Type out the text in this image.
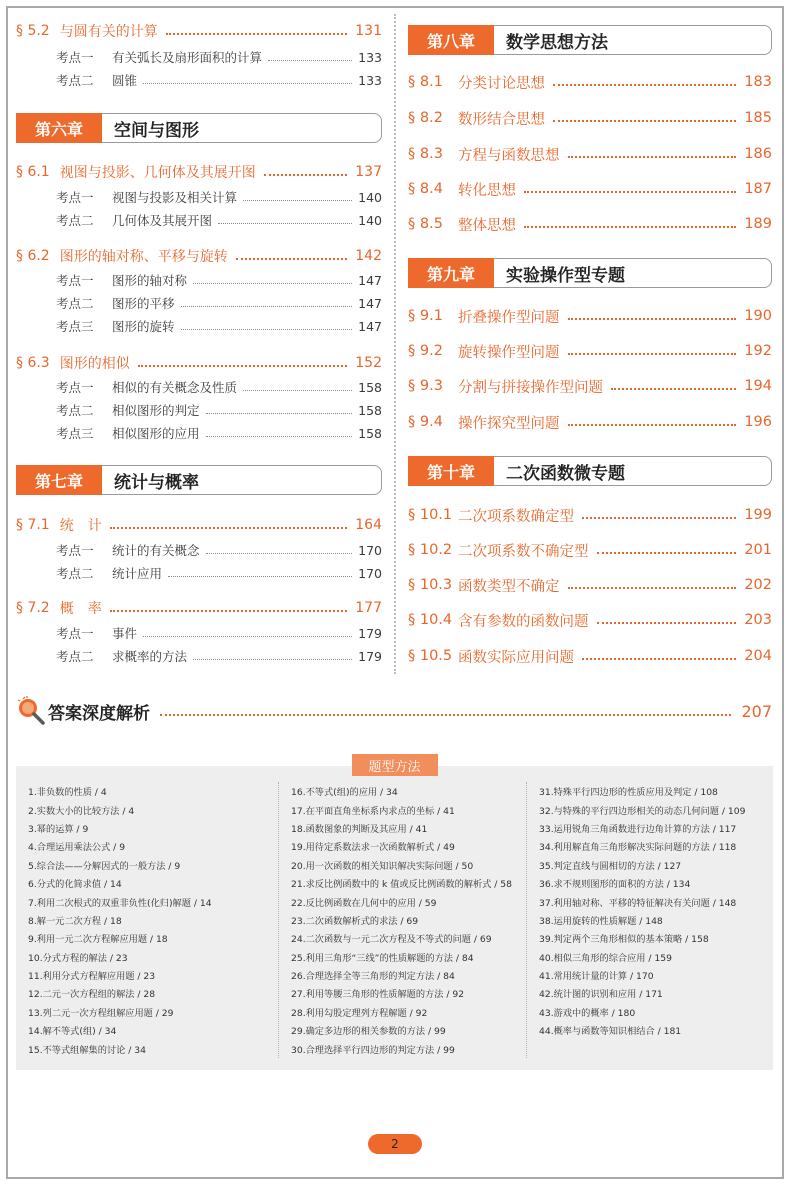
§ 5.2 与圆有关的计算	131
考点一	有关弧长及扇形面积的计算	133
考点二	圆锥	133
第六章	空间与图形
§ 6.1 视图与投影、几何体及其展开图	137
考点一	视图与投影及相关计算	140
考点二	几何体及其展开图	140
§ 6.2 图形的轴对称、平移与旋转	142
考点一	图形的轴对称	147
考点二	图形的平移	147
考点三	图形的旋转	147
§ 6.3 图形的相似	152
考点一	相似的有关概念及性质	158
考点二	相似图形的判定	158
考点三	相似图形的应用	158
第七章	统计与概率
§ 7.1 统　计	164
考点一	统计的有关概念	170
考点二	统计应用	170
§ 7.2 概　率	177
考点一	事件	179
考点二	求概率的方法	179
第八章	数学思想方法
§ 8.1	分类讨论思想	183
§ 8.2	数形结合思想	185
§ 8.3	方程与函数思想	186
§ 8.4	转化思想	187
§ 8.5	整体思想	189
第九章	实验操作型专题
§ 9.1	折叠操作型问题	190
§ 9.2	旋转操作型问题	192
§ 9.3	分割与拼接操作型问题	194
§ 9.4	操作探究型问题	196
第十章	二次函数微专题
§ 10.1 二次项系数确定型	199
§ 10.2 二次项系数不确定型	201
§ 10.3 函数类型不确定	202
§ 10.4 含有参数的函数问题	203
§ 10.5 函数实际应用问题	204
答案深度解析	207
题型方法
1.非负数的性质 / 4
2.实数大小的比较方法 / 4
3.幂的运算 / 9
4.合理运用乘法公式 / 9
5.综合法——分解因式的一般方法 / 9
6.分式的化简求值 / 14
7.利用二次根式的双重非负性(化归)解题 / 14
8.解一元二次方程 / 18
9.利用一元二次方程解应用题 / 18
10.分式方程的解法 / 23
11.利用分式方程解应用题 / 23
12.二元一次方程组的解法 / 28
13.列二元一次方程组解应用题 / 29
14.解不等式(组) / 34
15.不等式组解集的讨论 / 34
16.不等式(组)的应用 / 34
17.在平面直角坐标系内求点的坐标 / 41
18.函数图象的判断及其应用 / 41
19.用待定系数法求一次函数解析式 / 49
20.用一次函数的相关知识解决实际问题 / 50
21.求反比例函数中的 k 值或反比例函数的解析式 / 58
22.反比例函数在几何中的应用 / 59
23.二次函数解析式的求法 / 69
24.二次函数与一元二次方程及不等式的问题 / 69
25.利用三角形“三线”的性质解题的方法 / 84
26.合理选择全等三角形的判定方法 / 84
27.利用等腰三角形的性质解题的方法 / 92
28.利用勾股定理列方程解题 / 92
29.确定多边形的相关参数的方法 / 99
30.合理选择平行四边形的判定方法 / 99
31.特殊平行四边形的性质应用及判定 / 108
32.与特殊的平行四边形相关的动态几何问题 / 109
33.运用锐角三角函数进行边角计算的方法 / 117
34.利用解直角三角形解决实际问题的方法 / 118
35.判定直线与圆相切的方法 / 127
36.求不规则图形的面积的方法 / 134
37.利用轴对称、平移的特征解决有关问题 / 148
38.运用旋转的性质解题 / 148
39.判定两个三角形相似的基本策略 / 158
40.相似三角形的综合应用 / 159
41.常用统计量的计算 / 170
42.统计图的识别和应用 / 171
43.游戏中的概率 / 180
44.概率与函数等知识相结合 / 181
2
